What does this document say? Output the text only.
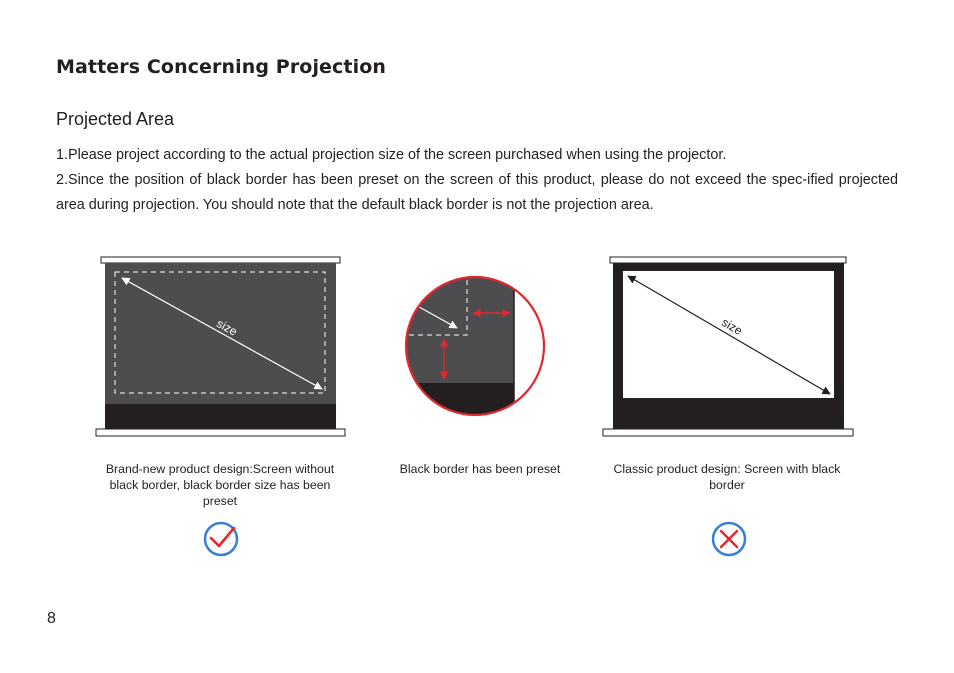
Matters Concerning Projection
Projected Area
1.Please project according to the actual projection size of the screen purchased when using the projector.
2.Since the position of black border has been preset on the screen of this product, please do not exceed the spec-ified projected area during projection. You should note that the default black border is not the projection area.
size	size
Brand-new product design:Screen without black border, black border size has been preset
Black border has been preset	Classic product design: Screen with black border
8
